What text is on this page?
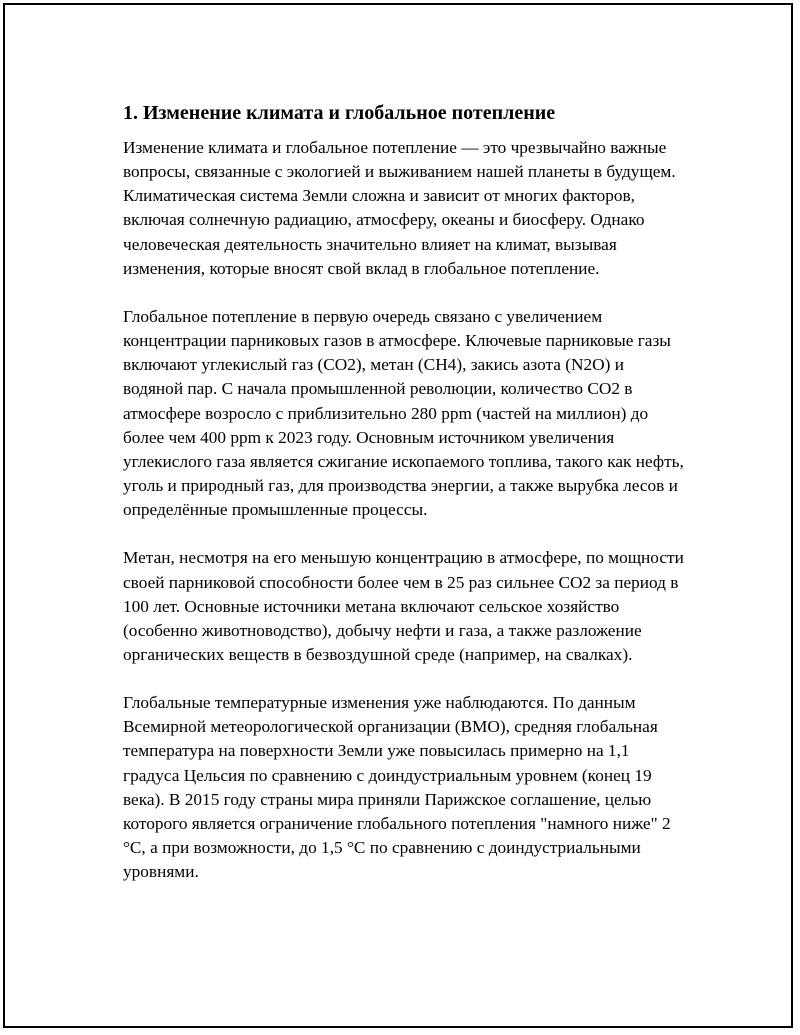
1. Изменение климата и глобальное потепление

Изменение климата и глобальное потепление — это чрезвычайно важные вопросы, связанные с экологией и выживанием нашей планеты в будущем. Климатическая система Земли сложна и зависит от многих факторов, включая солнечную радиацию, атмосферу, океаны и биосферу. Однако человеческая деятельность значительно влияет на климат, вызывая изменения, которые вносят свой вклад в глобальное потепление.

Глобальное потепление в первую очередь связано с увеличением концентрации парниковых газов в атмосфере. Ключевые парниковые газы включают углекислый газ (CO2), метан (CH4), закись азота (N2O) и водяной пар. С начала промышленной революции, количество CO2 в атмосфере возросло с приблизительно 280 ppm (частей на миллион) до более чем 400 ppm к 2023 году. Основным источником увеличения углекислого газа является сжигание ископаемого топлива, такого как нефть, уголь и природный газ, для производства энергии, а также вырубка лесов и определённые промышленные процессы.

Метан, несмотря на его меньшую концентрацию в атмосфере, по мощности своей парниковой способности более чем в 25 раз сильнее CO2 за период в 100 лет. Основные источники метана включают сельское хозяйство (особенно животноводство), добычу нефти и газа, а также разложение органических веществ в безвоздушной среде (например, на свалках).

Глобальные температурные изменения уже наблюдаются. По данным Всемирной метеорологической организации (ВМО), средняя глобальная температура на поверхности Земли уже повысилась примерно на 1,1 градуса Цельсия по сравнению с доиндустриальным уровнем (конец 19 века). В 2015 году страны мира приняли Парижское соглашение, целью которого является ограничение глобального потепления "намного ниже" 2 °C, а при возможности, до 1,5 °C по сравнению с доиндустриальными уровнями.
